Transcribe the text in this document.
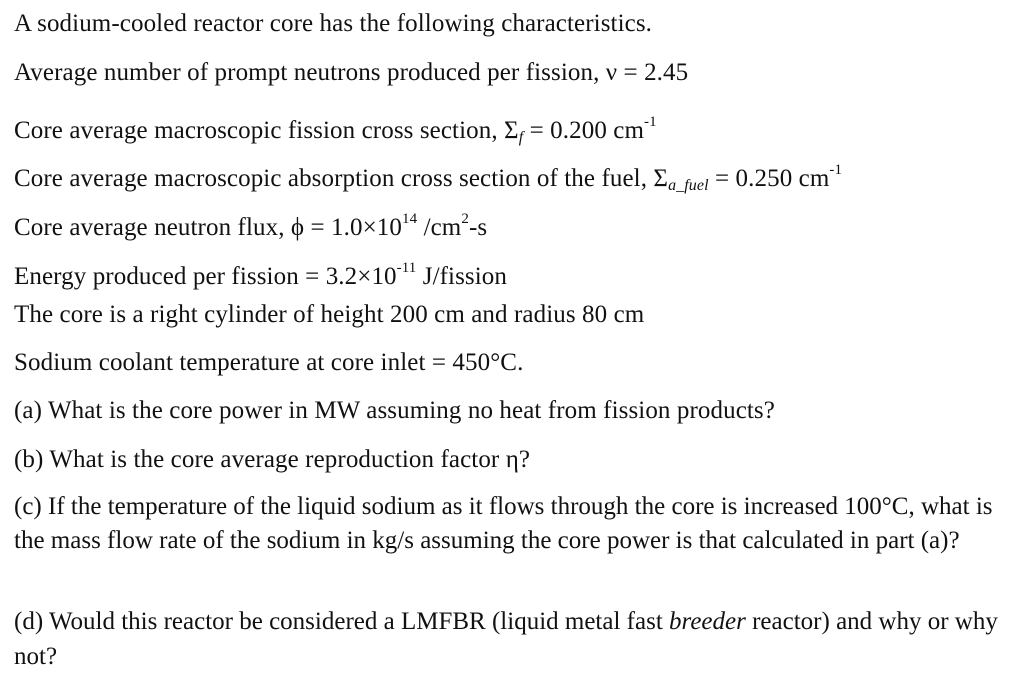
A sodium-cooled reactor core has the following characteristics.
Average number of prompt neutrons produced per fission, ν = 2.45
Core average macroscopic fission cross section, $\Sigma_f = 0.200$ $cm^{-1}$
Core average macroscopic absorption cross section of the fuel, $\Sigma_{a\_fuel} = 0.250$ $cm^{-1}$
Core average neutron flux, $\phi = 1.0\times 10^{14}$ $/cm^2-s$
Energy produced per fission = $3.2\times 10^{-11}$ J/fission
The core is a right cylinder of height 200 cm and radius 80 cm
Sodium coolant temperature at core inlet = 450°C.
(a) What is the core power in MW assuming no heat from fission products?
(b) What is the core average reproduction factor η?
(c) If the temperature of the liquid sodium as it flows through the core is increased 100°C, what is the mass flow rate of the sodium in kg/s assuming the core power is that calculated in part (a)?
(d) Would this reactor be considered a LMFBR (liquid metal fast breeder reactor) and why or why not?
